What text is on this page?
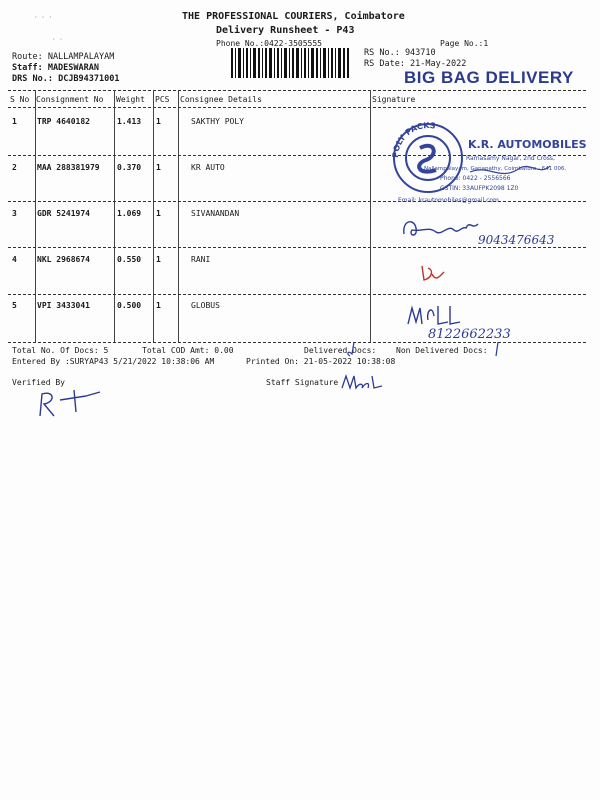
THE PROFESSIONAL COURIERS, Coimbatore
Delivery Runsheet - P43
Phone No.:0422-3505555	Page No.:1
Route: NALLAMPALAYAM
Staff: MADESWARAN
DRS No.: DCJB94371001
RS No.: 943710
RS Date: 21-May-2022
BIG BAG DELIVERY
S No Consignment No Weight PCS Consignee Details	Signature
1	TRP 4640182	1.413 1	SAKTHY POLY
2	MAA 288381979 0.370 1	KR AUTO
3	GDR 5241974	1.069 1	SIVANANDAN
4	NKL 2968674	0.550 1	RANI
5	VPI 3433041	0.500 1	GLOBUS
POLY PACKS
K.R. AUTOMOBILES
Ramasamy Nagar, 2nd Cross,
Nallampalayam, Ganapathy, Coimbatore - 641 006.
Phone: 0422 - 2556566
GSTIN: 33AUFPK2098 1Z0
Email: krautomobiles@gmail.com
9043476643
8122662233
Total No. Of Docs: 5	Total COD Amt: 0.00	Delivered Docs: Non Delivered Docs:
Entered By :SURYAP43 5/21/2022 10:38:06 AM	Printed On: 21-05-2022 10:38:08
Verified By	Staff Signature
· · ·
· ·
